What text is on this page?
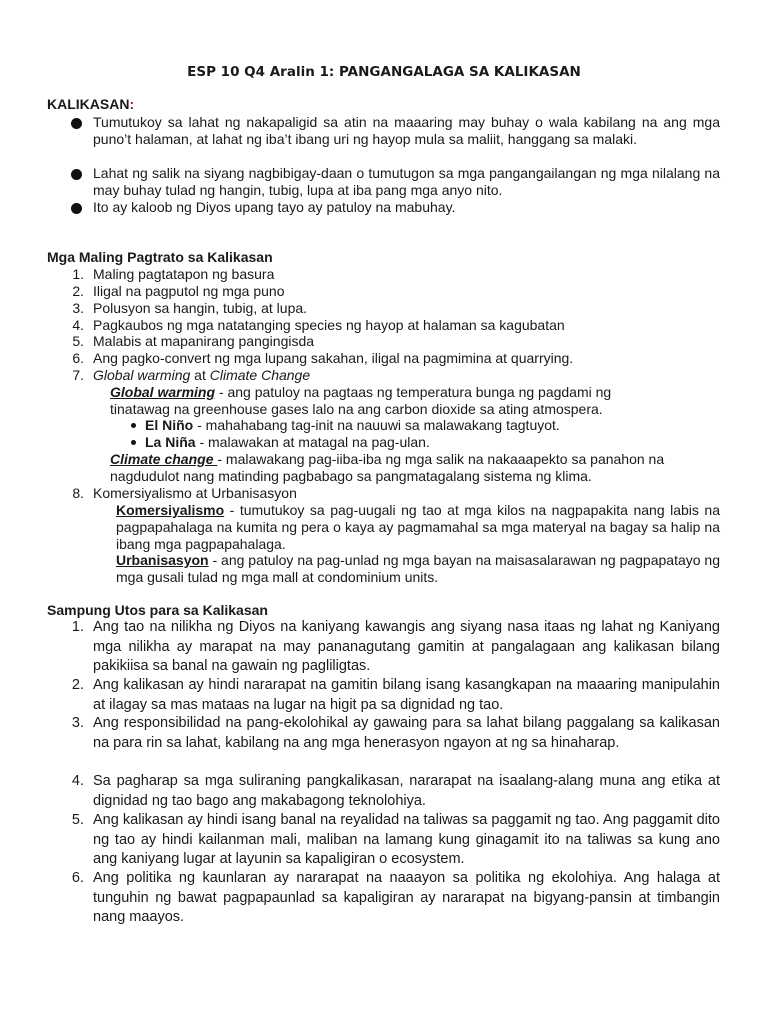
ESP 10 Q4 Aralin 1: PANGANGALAGA SA KALIKASAN
KALIKASAN:
Tumutukoy sa lahat ng nakapaligid sa atin na maaaring may buhay o wala kabilang na ang mga puno’t halaman, at lahat ng iba’t ibang uri ng hayop mula sa maliit, hanggang sa malaki.
Lahat ng salik na siyang nagbibigay-daan o tumutugon sa mga pangangailangan ng mga nilalang na may buhay tulad ng hangin, tubig, lupa at iba pang mga anyo nito.
Ito ay kaloob ng Diyos upang tayo ay patuloy na mabuhay.
Mga Maling Pagtrato sa Kalikasan
1. Maling pagtatapon ng basura
2. Iligal na pagputol ng mga puno
3. Polusyon sa hangin, tubig, at lupa.
4. Pagkaubos ng mga natatanging species ng hayop at halaman sa kagubatan
5. Malabis at mapanirang pangingisda
6. Ang pagko-convert ng mga lupang sakahan, iligal na pagmimina at quarrying.
7. Global warming at Climate Change
Global warming - ang patuloy na pagtaas ng temperatura bunga ng pagdami ng tinatawag na greenhouse gases lalo na ang carbon dioxide sa ating atmospera.
El Niño - mahahabang tag-init na nauuwi sa malawakang tagtuyot.
La Niña - malawakan at matagal na pag-ulan.
Climate change - malawakang pag-iiba-iba ng mga salik na nakaaapekto sa panahon na nagdudulot nang matinding pagbabago sa pangmatagalang sistema ng klima.
8. Komersiyalismo at Urbanisasyon
Komersiyalismo - tumutukoy sa pag-uugali ng tao at mga kilos na nagpapakita nang labis na pagpapahalaga na kumita ng pera o kaya ay pagmamahal sa mga materyal na bagay sa halip na ibang mga pagpapahalaga.
Urbanisasyon - ang patuloy na pag-unlad ng mga bayan na maisasalarawan ng pagpapatayo ng mga gusali tulad ng mga mall at condominium units.
Sampung Utos para sa Kalikasan
1. Ang tao na nilikha ng Diyos na kaniyang kawangis ang siyang nasa itaas ng lahat ng Kaniyang mga nilikha ay marapat na may pananagutang gamitin at pangalagaan ang kalikasan bilang pakikiisa sa banal na gawain ng pagliligtas.
2. Ang kalikasan ay hindi nararapat na gamitin bilang isang kasangkapan na maaaring manipulahin at ilagay sa mas mataas na lugar na higit pa sa dignidad ng tao.
3. Ang responsibilidad na pang-ekolohikal ay gawaing para sa lahat bilang paggalang sa kalikasan na para rin sa lahat, kabilang na ang mga henerasyon ngayon at ng sa hinaharap.
4. Sa pagharap sa mga suliraning pangkalikasan, nararapat na isaalang-alang muna ang etika at dignidad ng tao bago ang makabagong teknolohiya.
5. Ang kalikasan ay hindi isang banal na reyalidad na taliwas sa paggamit ng tao. Ang paggamit dito ng tao ay hindi kailanman mali, maliban na lamang kung ginagamit ito na taliwas sa kung ano ang kaniyang lugar at layunin sa kapaligiran o ecosystem.
6. Ang politika ng kaunlaran ay nararapat na naaayon sa politika ng ekolohiya. Ang halaga at tunguhin ng bawat pagpapaunlad sa kapaligiran ay nararapat na bigyang-pansin at timbangin nang maayos.
